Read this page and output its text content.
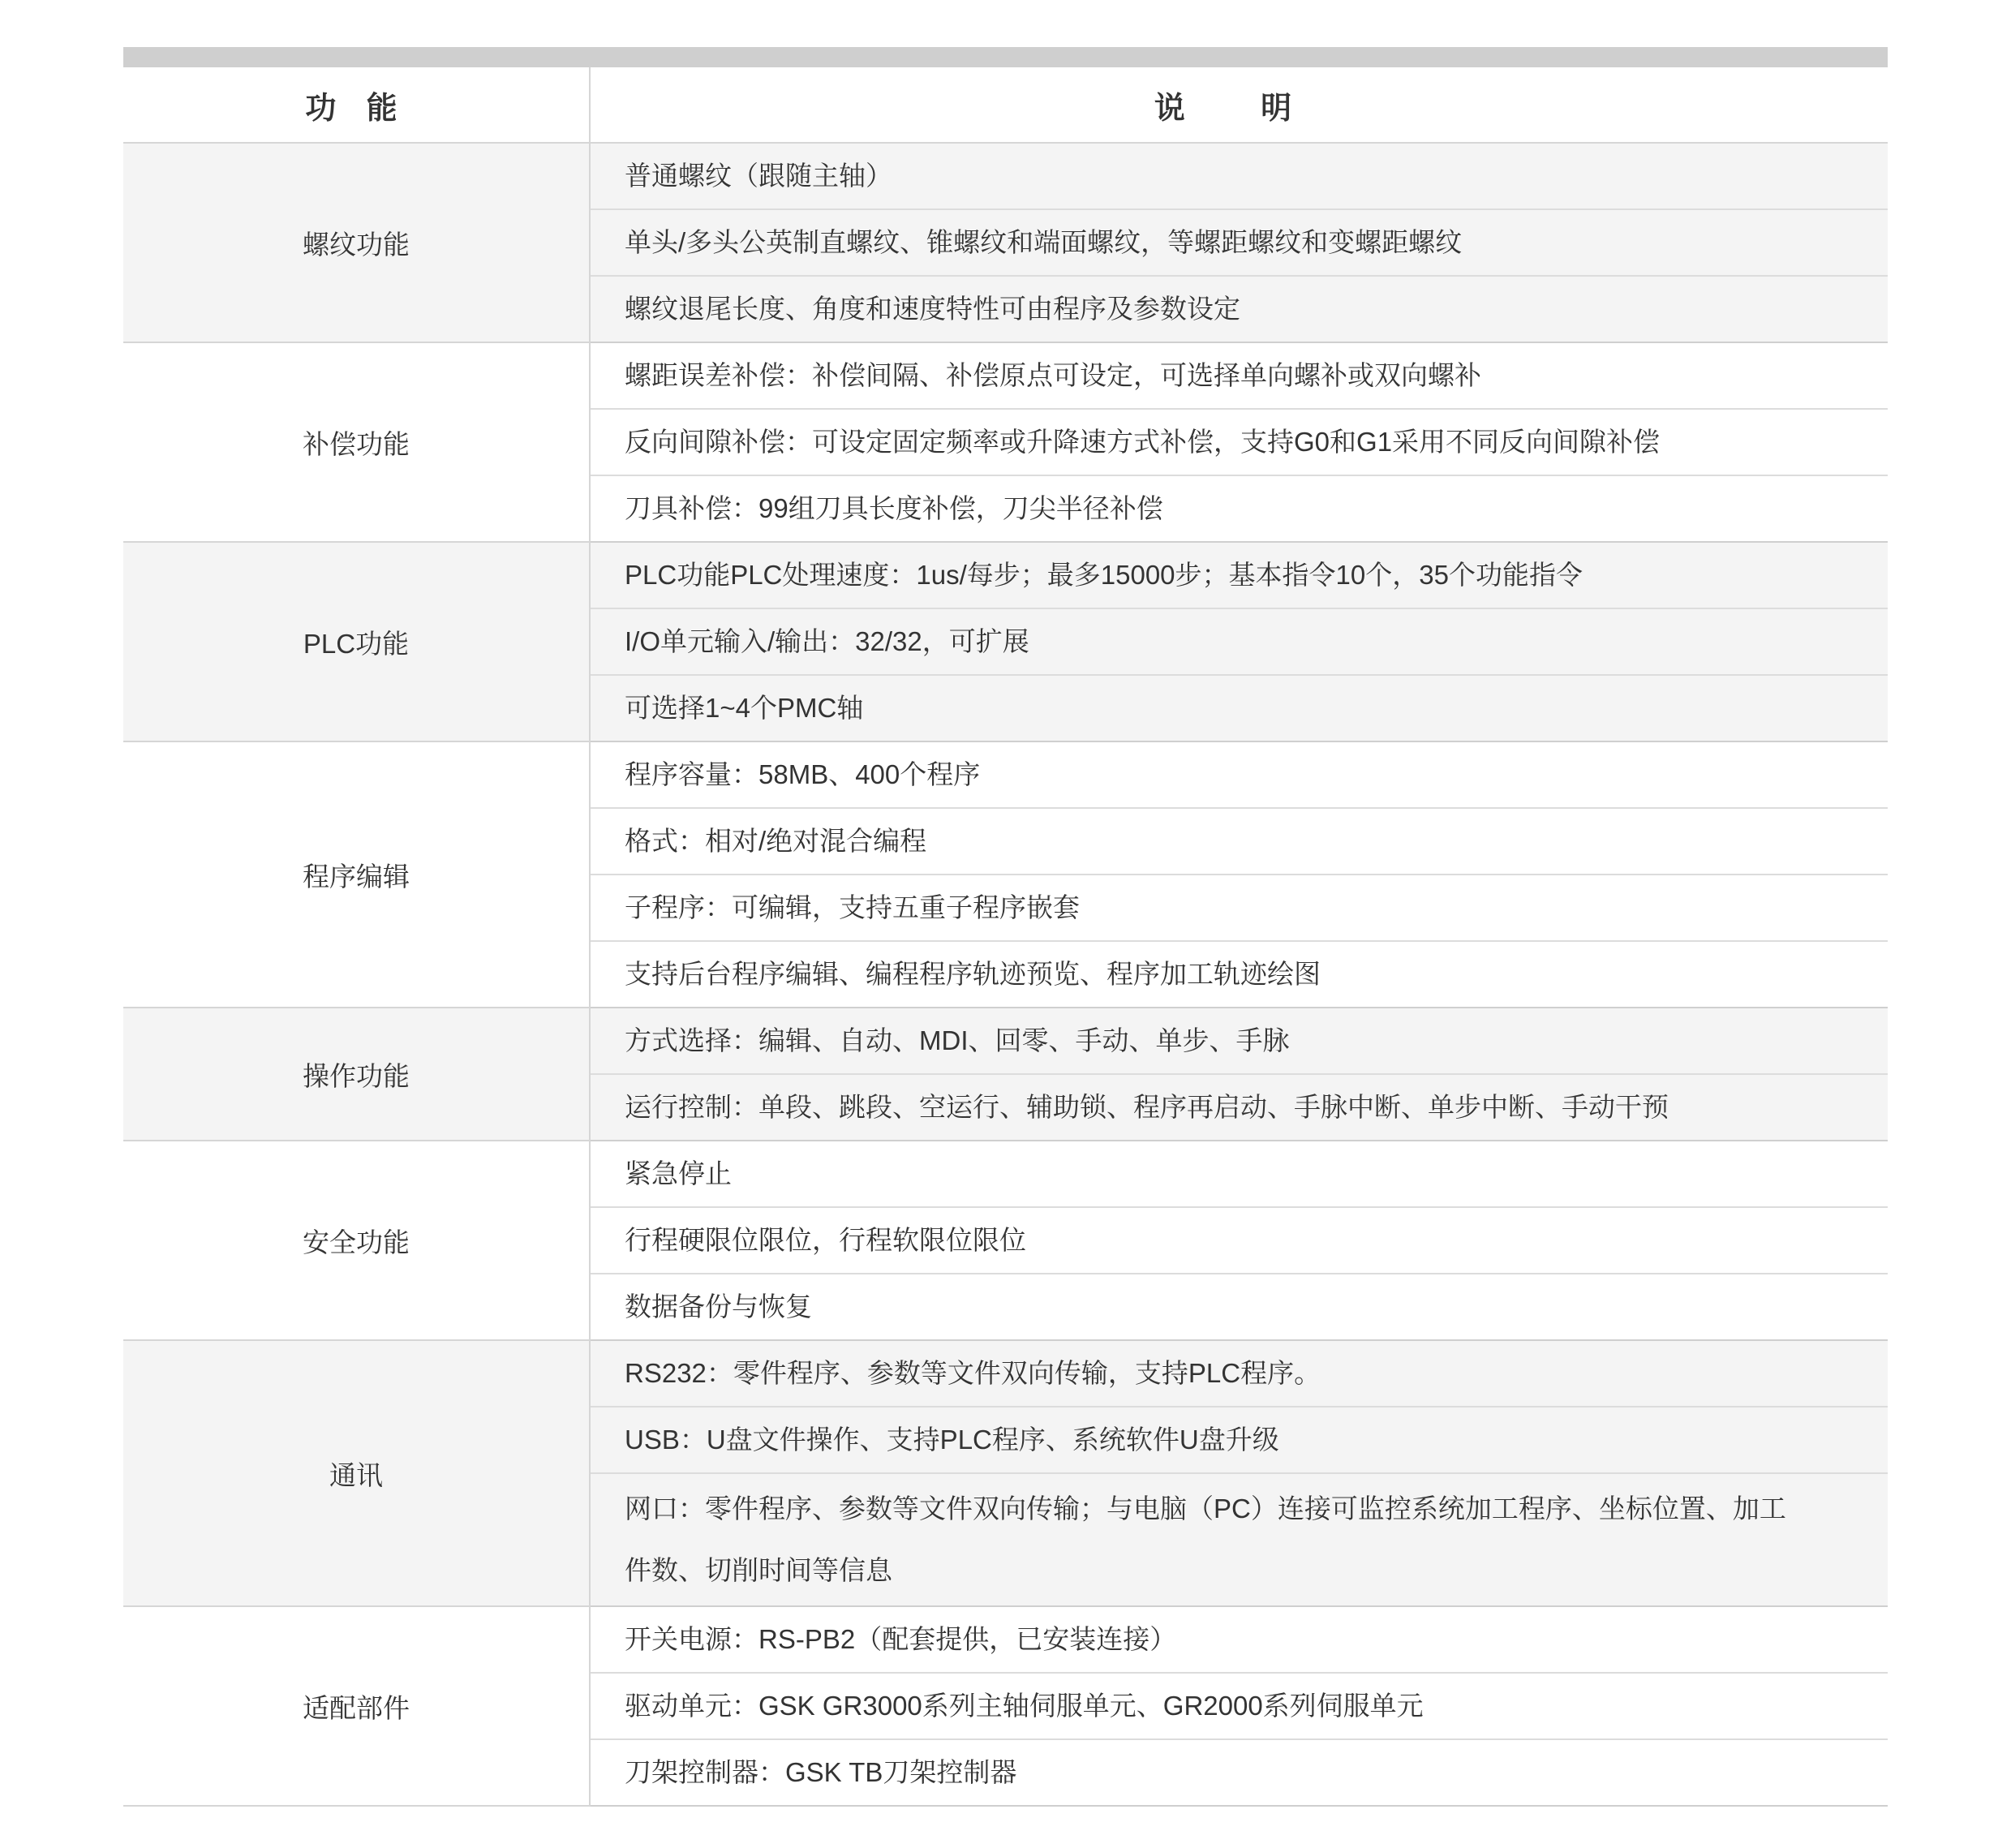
功 能	说 明
螺纹功能	普通螺纹（跟随主轴）
	单头/多头公英制直螺纹、锥螺纹和端面螺纹，等螺距螺纹和变螺距螺纹
	螺纹退尾长度、角度和速度特性可由程序及参数设定
补偿功能	螺距误差补偿：补偿间隔、补偿原点可设定，可选择单向螺补或双向螺补
	反向间隙补偿：可设定固定频率或升降速方式补偿，支持G0和G1采用不同反向间隙补偿
	刀具补偿：99组刀具长度补偿，刀尖半径补偿
PLC功能	PLC功能PLC处理速度：1us/每步；最多15000步；基本指令10个，35个功能指令
	I/O单元输入/输出：32/32，可扩展
	可选择1~4个PMC轴
程序编辑	程序容量：58MB、400个程序
	格式：相对/绝对混合编程
	子程序：可编辑，支持五重子程序嵌套
	支持后台程序编辑、编程程序轨迹预览、程序加工轨迹绘图
操作功能	方式选择：编辑、自动、MDI、回零、手动、单步、手脉
	运行控制：单段、跳段、空运行、辅助锁、程序再启动、手脉中断、单步中断、手动干预
安全功能	紧急停止
	行程硬限位限位，行程软限位限位
	数据备份与恢复
通讯	RS232：零件程序、参数等文件双向传输，支持PLC程序。
	USB：U盘文件操作、支持PLC程序、系统软件U盘升级

	网口：零件程序、参数等文件双向传输；与电脑（PC）连接可监控系统加工程序、坐标位置、加工件数、切削时间等信息

适配部件	开关电源：RS-PB2（配套提供，已安装连接）
	驱动单元：GSK GR3000系列主轴伺服单元、GR2000系列伺服单元
	刀架控制器：GSK TB刀架控制器
